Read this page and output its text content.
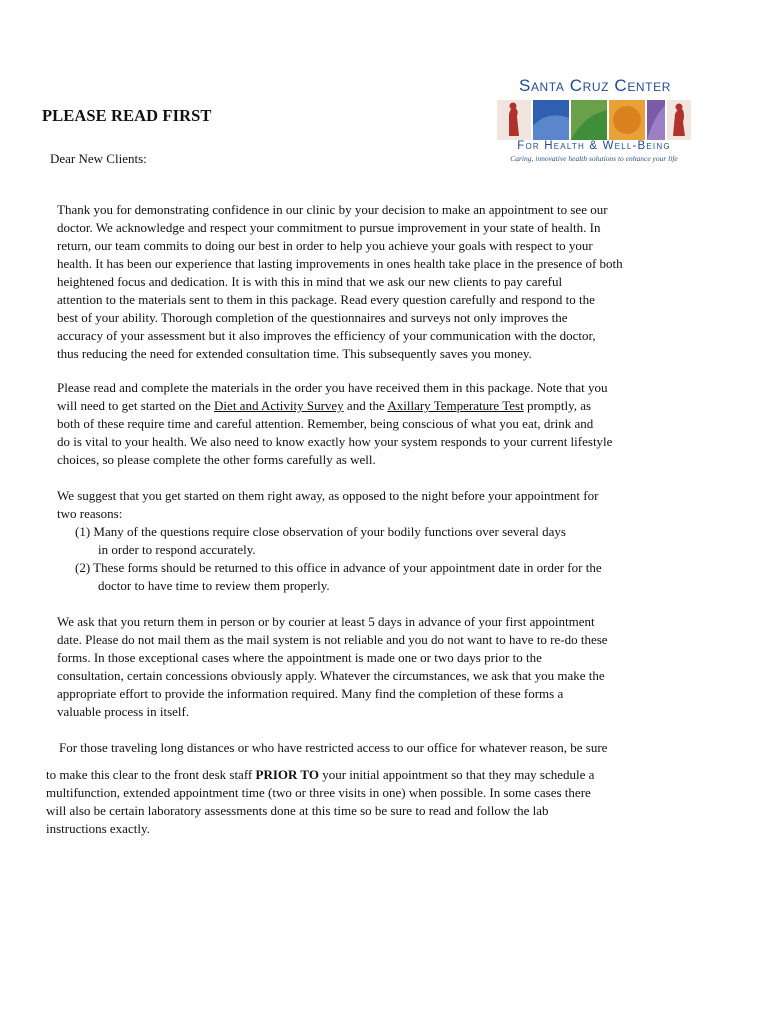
PLEASE READ FIRST
Dear New Clients:
Santa Cruz Center
For Health & Well-Being
Caring, innovative health solutions to enhance your life
Thank you for demonstrating confidence in our clinic by your decision to make an appointment to see our
doctor. We acknowledge and respect your commitment to pursue improvement in your state of health. In
return, our team commits to doing our best in order to help you achieve your goals with respect to your
health. It has been our experience that lasting improvements in ones health take place in the presence of both
heightened focus and dedication. It is with this in mind that we ask our new clients to pay careful
attention to the materials sent to them in this package. Read every question carefully and respond to the
best of your ability. Thorough completion of the questionnaires and surveys not only improves the
accuracy of your assessment but it also improves the efficiency of your communication with the doctor,
thus reducing the need for extended consultation time. This subsequently saves you money.
Please read and complete the materials in the order you have received them in this package. Note that you
will need to get started on the Diet and Activity Survey and the Axillary Temperature Test promptly, as
both of these require time and careful attention. Remember, being conscious of what you eat, drink and
do is vital to your health. We also need to know exactly how your system responds to your current lifestyle
choices, so please complete the other forms carefully as well.
We suggest that you get started on them right away, as opposed to the night before your appointment for
two reasons:
(1) Many of the questions require close observation of your bodily functions over several days
in order to respond accurately.
(2) These forms should be returned to this office in advance of your appointment date in order for the
doctor to have time to review them properly.
We ask that you return them in person or by courier at least 5 days in advance of your first appointment
date. Please do not mail them as the mail system is not reliable and you do not want to have to re-do these
forms. In those exceptional cases where the appointment is made one or two days prior to the
consultation, certain concessions obviously apply. Whatever the circumstances, we ask that you make the
appropriate effort to provide the information required. Many find the completion of these forms a
valuable process in itself.
For those traveling long distances or who have restricted access to our office for whatever reason, be sure
to make this clear to the front desk staff PRIOR TO your initial appointment so that they may schedule a
multifunction, extended appointment time (two or three visits in one) when possible. In some cases there
will also be certain laboratory assessments done at this time so be sure to read and follow the lab
instructions exactly.
